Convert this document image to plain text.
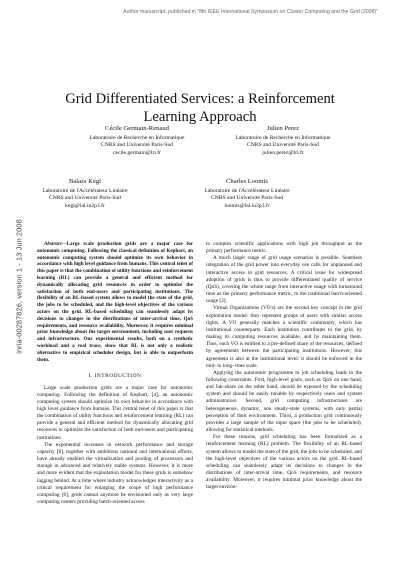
Author manuscript, published in "8th IEEE International Symposium on Cluster Computing and the Grid (2008)"
inria-00287826, version 1 - 13 Jun 2008
Grid Differentiated Services: a Reinforcement Learning Approach
Cécile Germain-Renaud
Laboratoire de Recherche en Informatique
CNRS and Université Paris-Sud
cecile.germain@lri.fr
Julien Perez
Laboratoire de Recherche en Informatique
CNRS and Université Paris-Sud
julien.perez@lri.fr
Balazs Kégl
Laboratoire de l'Accélérateur Linéaire
CNRS and Université Paris-Sud
kegl@lal.in2p3.fr
Charles Loomis
Laboratoire de l'Accélérateur Linéaire
CNRS and Université Paris-Sud
loomis@lal.in2p3.fr

Abstract—Large scale production grids are a major case for autonomic computing. Following the classical definition of Kephart, an autonomic computing system should optimize its own behavior in accordance with high level guidance from humans. This central tenet of this paper is that the combination of utility functions and reinforcement learning (RL) can provide a general and efficient method for dynamically allocating grid resources in order to optimize the satisfaction of both end-users and participating institutions. The flexibility of an RL-based system allows to model the state of the grid, the jobs to be scheduled, and the high-level objectives of the various actors on the grid. RL-based scheduling can seamlessly adapt its decisions to changes in the distributions of inter-arrival time, QoS requirements, and resource availability. Moreover, it requires minimal prior knowledge about the target environment, including user requests and infrastructure. Our experimental results, both on a synthetic workload and a real trace, show that RL is not only a realistic alternative to empirical scheduler design, but is able to outperform them.

I. INTRODUCTION

Large scale production grids are a major case for autonomic computing. Following the definition of Kephart, [4], an autonomic computing system should optimize its own behavior in accordance with high level guidance from humans. This central tenet of this paper is that the combination of utility functions and reinforcement learning (RL) can provide a general and efficient method for dynamically allocating grid resources to optimize the satisfaction of both end-users and participating institutions.

The exponential increases in network performance and storage capacity [8], together with ambitious national and international efforts, have already enabled the virtualization and pooling of processors and storage in advanced and relatively stable systems. However, it is more and more evident that the exploitation model for these grids is somehow lagging behind. At a time where industry acknowledges interactivity as a critical requirement for enlarging the scope of high performance computing [6], grids cannot anymore be envisioned only as very large computing centers providing batch-oriented access

to complex scientific applications with high job throughput as the primary performance metric.

A much larger range of grid usage scenarios is possible. Seamless integration of the grid power into everyday use calls for unplanned and interactive access to grid resources. A critical issue for widespread adoption of grids is thus to provide differentiated quality of service (QoS), covering the whole range from interactive usage with turnaround time as the primary performance metric, to the traditional batch-oriented usage [2].

Virtual Organizations (VO's) are the second key concept in the grid exploitation model: they represent groups of users with similar access rights. A VO generally matches a scientific community, which has institutional counterparts. Each institution contributes to the grid, by making its computing resources available, and by maintaining them. Thus, each VO is entitled to a pre-defined share of the resources, defined by agreements between the participating institutions. However, this agreement is also at the institutional level: it should be enforced in the mid- to long- time scale.

Applying the autonomic programme to job scheduling leads to the following constraints. First, high-level goals, such as QoS on one hand, and fair-share on the other hand, should be exposed by the scheduling system and should be easily tunable by respectively users and system administrators. Second, grid computing infrastructures are heterogeneous, dynamic, non steady-state systems, with only partial perception of their environment. Third, a production grid continuously provides a large sample of the input space (the jobs to be scheduled), allowing for statistical methods.

For these reasons, grid scheduling has been formalized as a reinforcement learning (RL) problem. The flexibility of an RL-based system allows to model the state of the grid, the jobs to be scheduled, and the high-level objectives of the various actors on the grid. RL-based scheduling can seamlessly adapt its decisions to changes in the distributions of inter-arrival time, QoS requirements, and resource availability. Moreover, it requires minimal prior knowledge about the target environ-
